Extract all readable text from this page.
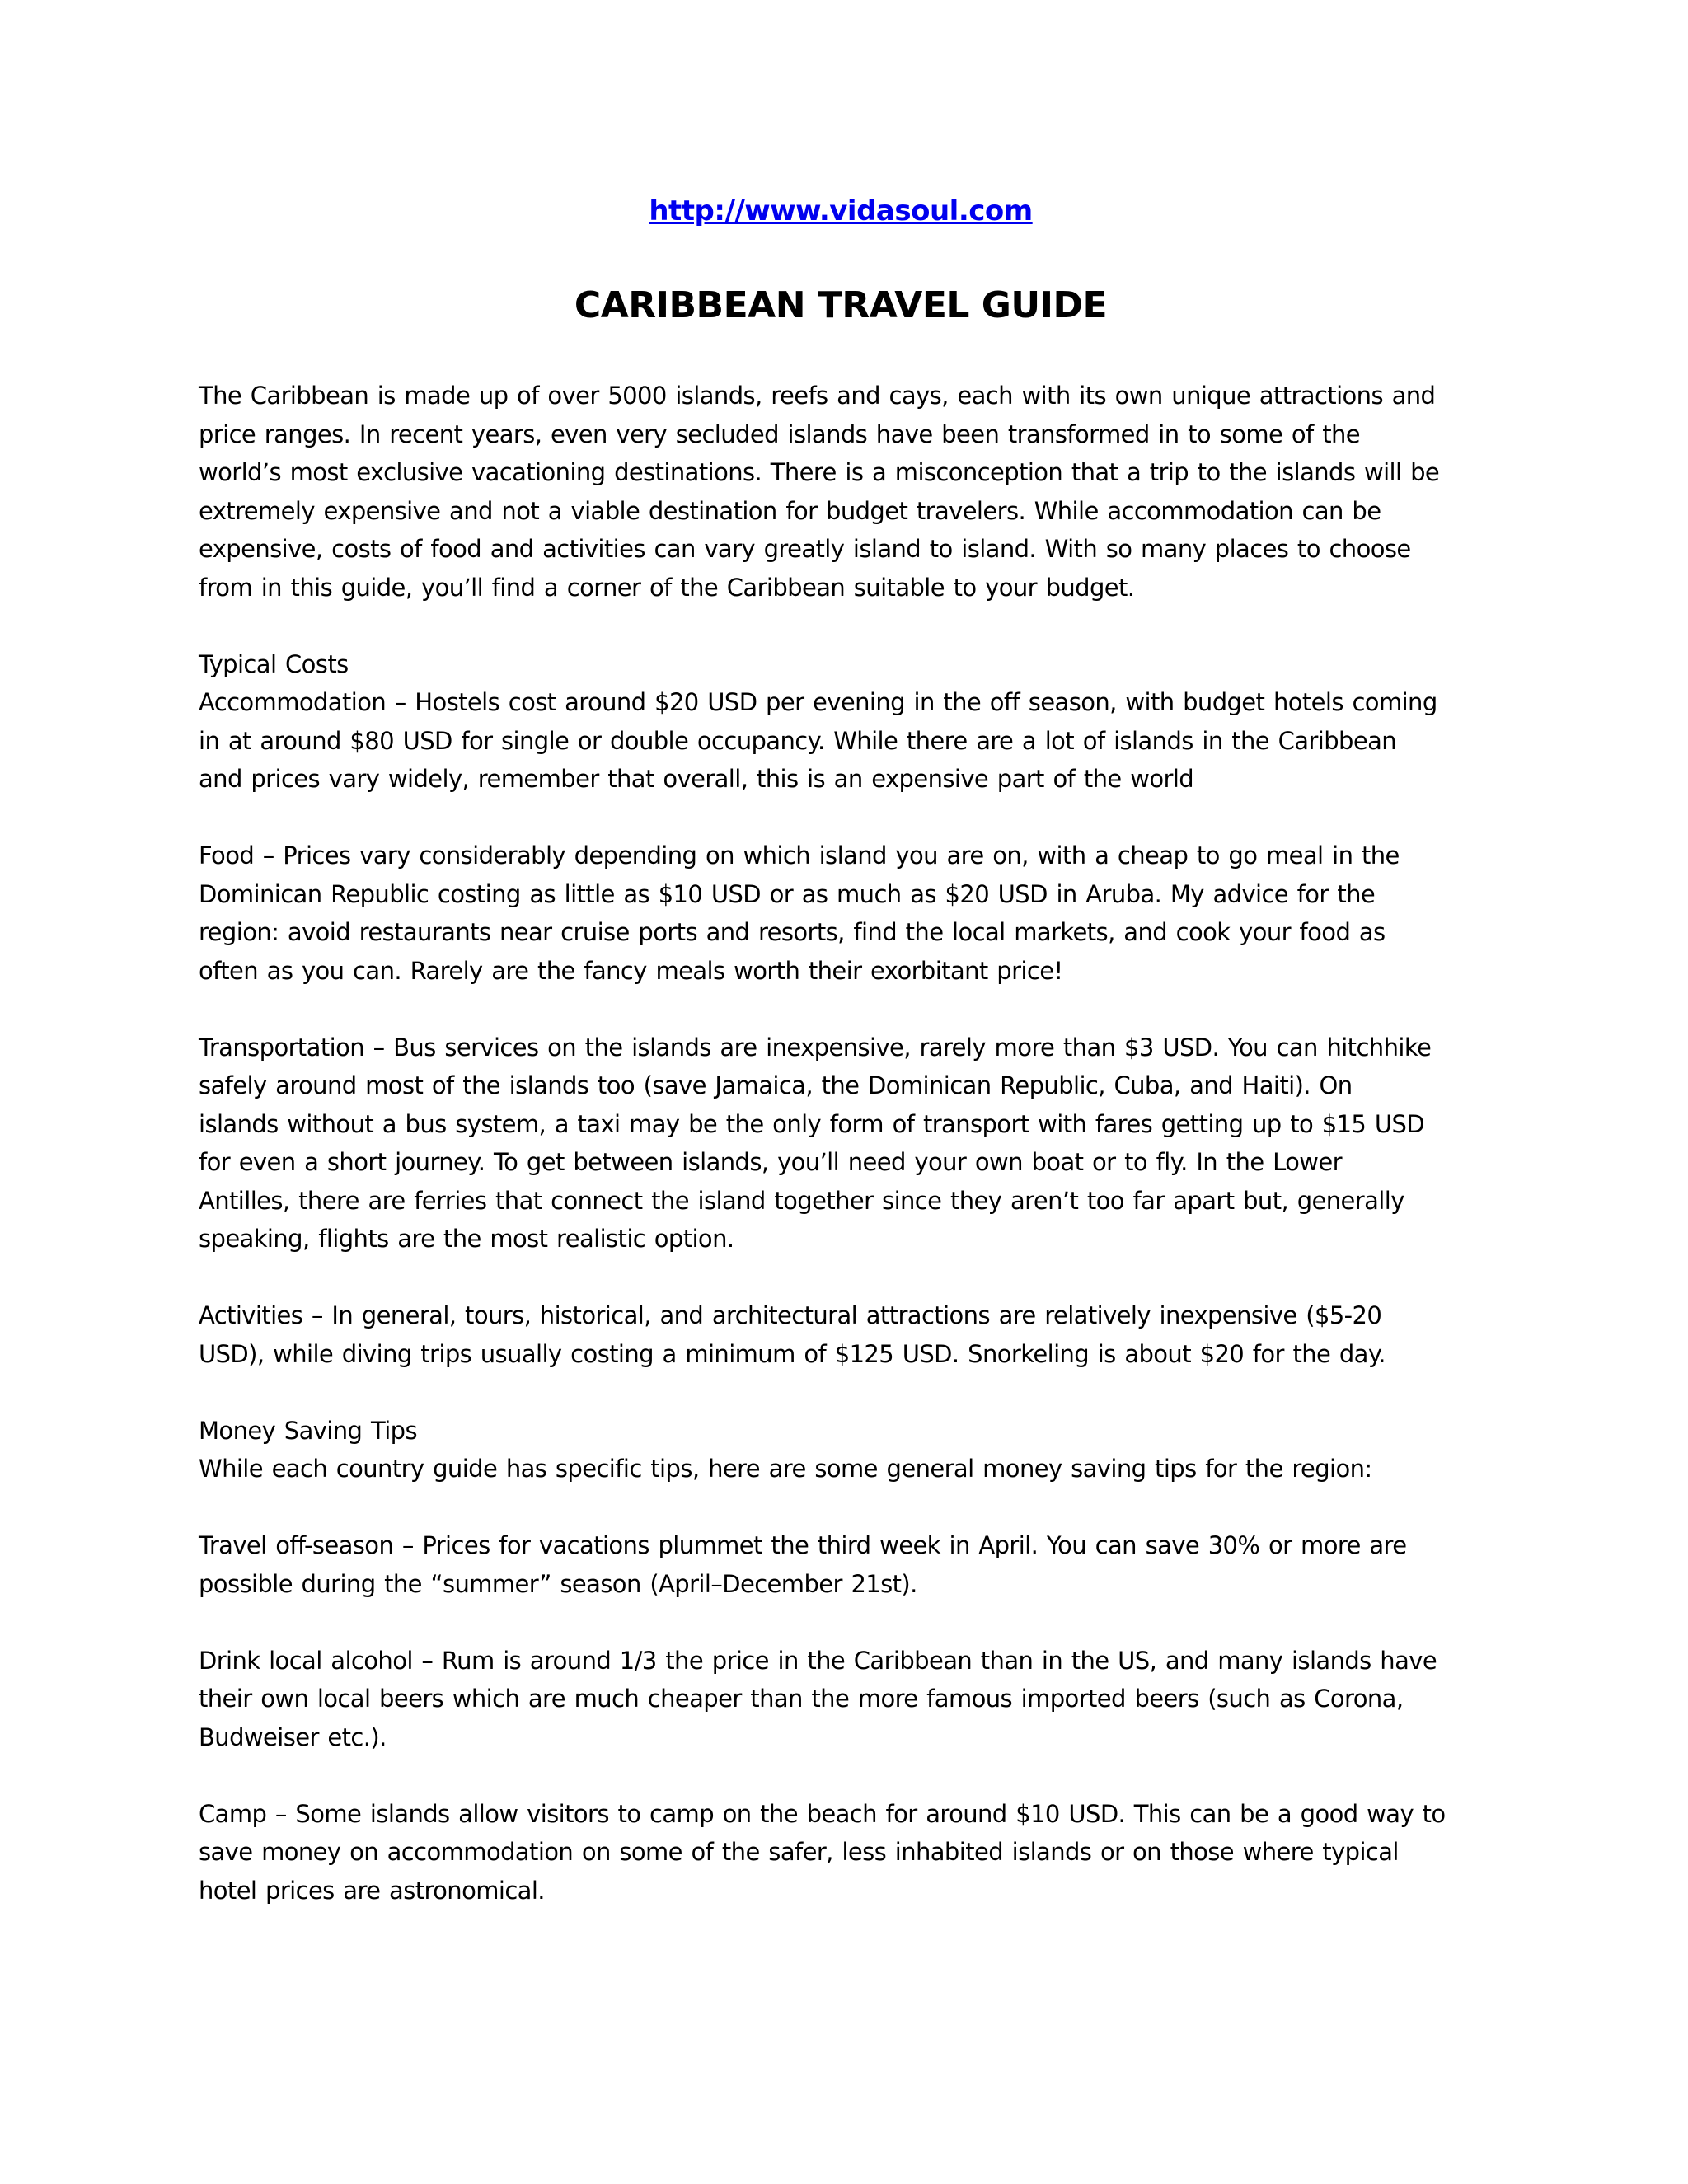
http://www.vidasoul.com
CARIBBEAN TRAVEL GUIDE
The Caribbean is made up of over 5000 islands, reefs and cays, each with its own unique attractions and
price ranges. In recent years, even very secluded islands have been transformed in to some of the
world’s most exclusive vacationing destinations. There is a misconception that a trip to the islands will be
extremely expensive and not a viable destination for budget travelers. While accommodation can be
expensive, costs of food and activities can vary greatly island to island. With so many places to choose
from in this guide, you’ll find a corner of the Caribbean suitable to your budget.
Typical Costs
Accommodation – Hostels cost around $20 USD per evening in the off season, with budget hotels coming
in at around $80 USD for single or double occupancy. While there are a lot of islands in the Caribbean
and prices vary widely, remember that overall, this is an expensive part of the world
Food – Prices vary considerably depending on which island you are on, with a cheap to go meal in the
Dominican Republic costing as little as $10 USD or as much as $20 USD in Aruba. My advice for the
region: avoid restaurants near cruise ports and resorts, find the local markets, and cook your food as
often as you can. Rarely are the fancy meals worth their exorbitant price!
Transportation – Bus services on the islands are inexpensive, rarely more than $3 USD. You can hitchhike
safely around most of the islands too (save Jamaica, the Dominican Republic, Cuba, and Haiti). On
islands without a bus system, a taxi may be the only form of transport with fares getting up to $15 USD
for even a short journey. To get between islands, you’ll need your own boat or to fly. In the Lower
Antilles, there are ferries that connect the island together since they aren’t too far apart but, generally
speaking, flights are the most realistic option.
Activities – In general, tours, historical, and architectural attractions are relatively inexpensive ($5-20
USD), while diving trips usually costing a minimum of $125 USD. Snorkeling is about $20 for the day.
Money Saving Tips
While each country guide has specific tips, here are some general money saving tips for the region:
Travel off-season – Prices for vacations plummet the third week in April. You can save 30% or more are
possible during the “summer” season (April–December 21st).
Drink local alcohol – Rum is around 1/3 the price in the Caribbean than in the US, and many islands have
their own local beers which are much cheaper than the more famous imported beers (such as Corona,
Budweiser etc.).
Camp – Some islands allow visitors to camp on the beach for around $10 USD. This can be a good way to
save money on accommodation on some of the safer, less inhabited islands or on those where typical
hotel prices are astronomical.
